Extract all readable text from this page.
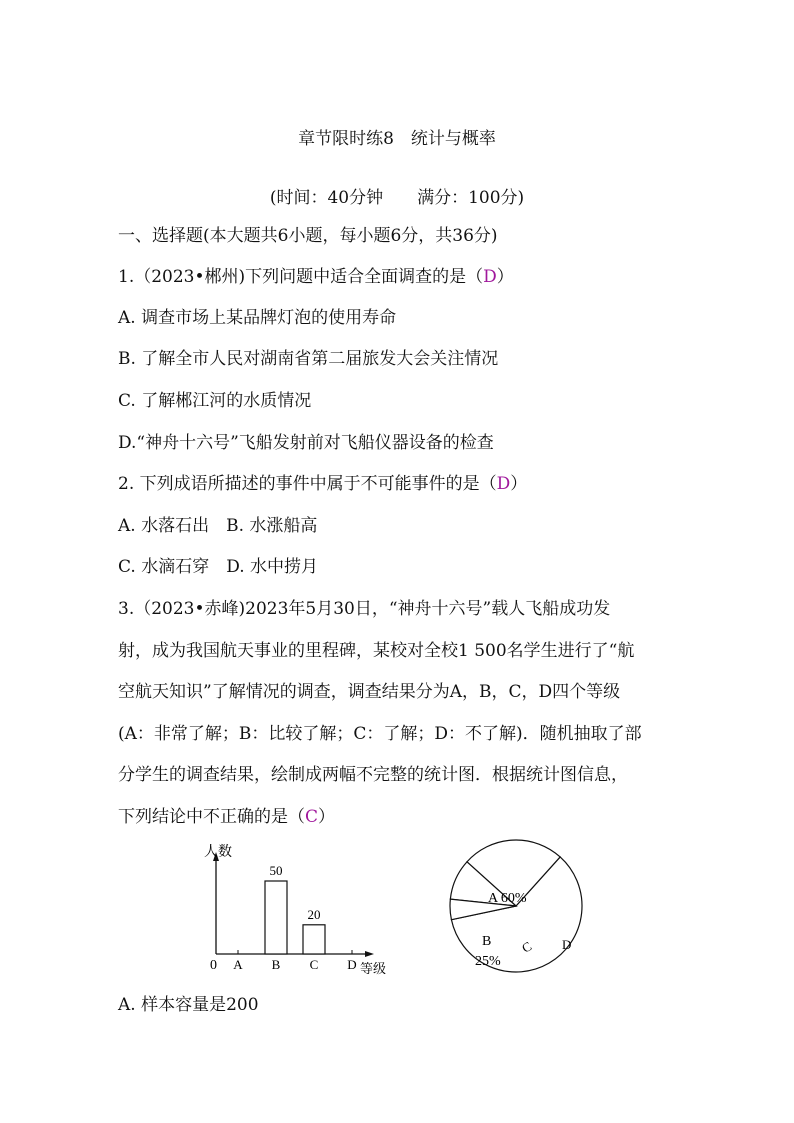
章节限时练8　统计与概率
(时间：40分钟　　满分：100分)
一、选择题(本大题共6小题，每小题6分，共36分)
1.（2023•郴州)下列问题中适合全面调查的是（D）
A. 调查市场上某品牌灯泡的使用寿命
B. 了解全市人民对湖南省第二届旅发大会关注情况
C. 了解郴江河的水质情况
D.“神舟十六号”飞船发射前对飞船仪器设备的检查
2. 下列成语所描述的事件中属于不可能事件的是（D）
A. 水落石出　B. 水涨船高
C. 水滴石穿　D. 水中捞月
3.（2023•赤峰)2023年5月30日，“神舟十六号”载人飞船成功发
射，成为我国航天事业的里程碑，某校对全校1 500名学生进行了“航
空航天知识”了解情况的调查，调查结果分为A，B，C，D四个等级
(A：非常了解；B：比较了解；C：了解；D：不了解)．随机抽取了部
分学生的调查结果，绘制成两幅不完整的统计图．根据统计图信息，
下列结论中不正确的是（C）
人数
等级
0 A B
50
C
20
D
A 60%
B
25%
C D
A. 样本容量是200
